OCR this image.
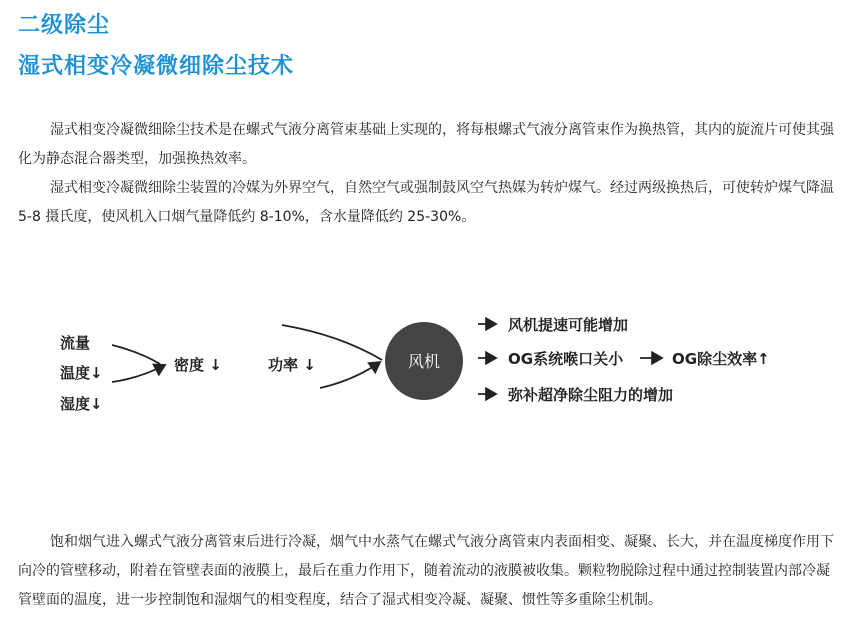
二级除尘
湿式相变冷凝微细除尘技术

湿式相变冷凝微细除尘技术是在螺式气液分离管束基础上实现的，将每根螺式气液分离管束作为换热管，其内的旋流片可使其强化为静态混合器类型，加强换热效率。

湿式相变冷凝微细除尘装置的冷媒为外界空气，自然空气或强制鼓风空气热媒为转炉煤气。经过两级换热后，可使转炉煤气降温 5-8 摄氏度，使风机入口烟气量降低约 8-10%，含水量降低约 25-30%。

流量
温度↓
湿度↓
密度 ↓	功率 ↓	风机
风机提速可能增加
OG系统喉口关小	OG除尘效率↑
弥补超净除尘阻力的增加

饱和烟气进入螺式气液分离管束后进行冷凝，烟气中水蒸气在螺式气液分离管束内表面相变、凝聚、长大，并在温度梯度作用下向冷的管壁移动，附着在管壁表面的液膜上，最后在重力作用下，随着流动的液膜被收集。颗粒物脱除过程中通过控制装置内部冷凝管壁面的温度，进一步控制饱和湿烟气的相变程度，结合了湿式相变冷凝、凝聚、惯性等多重除尘机制。
